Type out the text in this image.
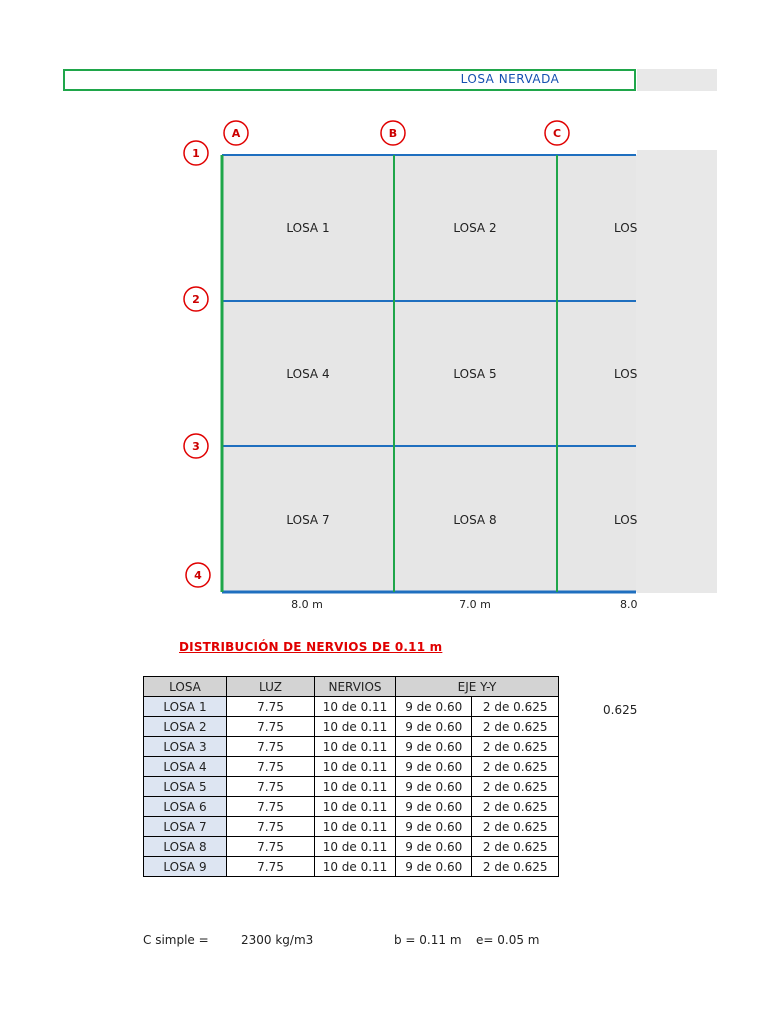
LOSA NERVADA
A	B	C
1
2
3
4
LOSA 1	LOSA 2	LOS
LOSA 4	LOSA 5	LOS
LOSA 7	LOSA 8	LOS
8.0 m	7.0 m	8.0
DISTRIBUCIÓN DE NERVIOS DE 0.11 m
LOSA	LUZ	NERVIOS	EJE Y-Y	
LOSA 1	7.75	10 de 0.11	9 de 0.60	2 de 0.625
LOSA 2	7.75	10 de 0.11	9 de 0.60	2 de 0.625
LOSA 3	7.75	10 de 0.11	9 de 0.60	2 de 0.625
LOSA 4	7.75	10 de 0.11	9 de 0.60	2 de 0.625
LOSA 5	7.75	10 de 0.11	9 de 0.60	2 de 0.625
LOSA 6	7.75	10 de 0.11	9 de 0.60	2 de 0.625
LOSA 7	7.75	10 de 0.11	9 de 0.60	2 de 0.625
LOSA 8	7.75	10 de 0.11	9 de 0.60	2 de 0.625
LOSA 9	7.75	10 de 0.11	9 de 0.60	2 de 0.625
0.625
C simple =	2300 kg/m3	b = 0.11 m e= 0.05 m
